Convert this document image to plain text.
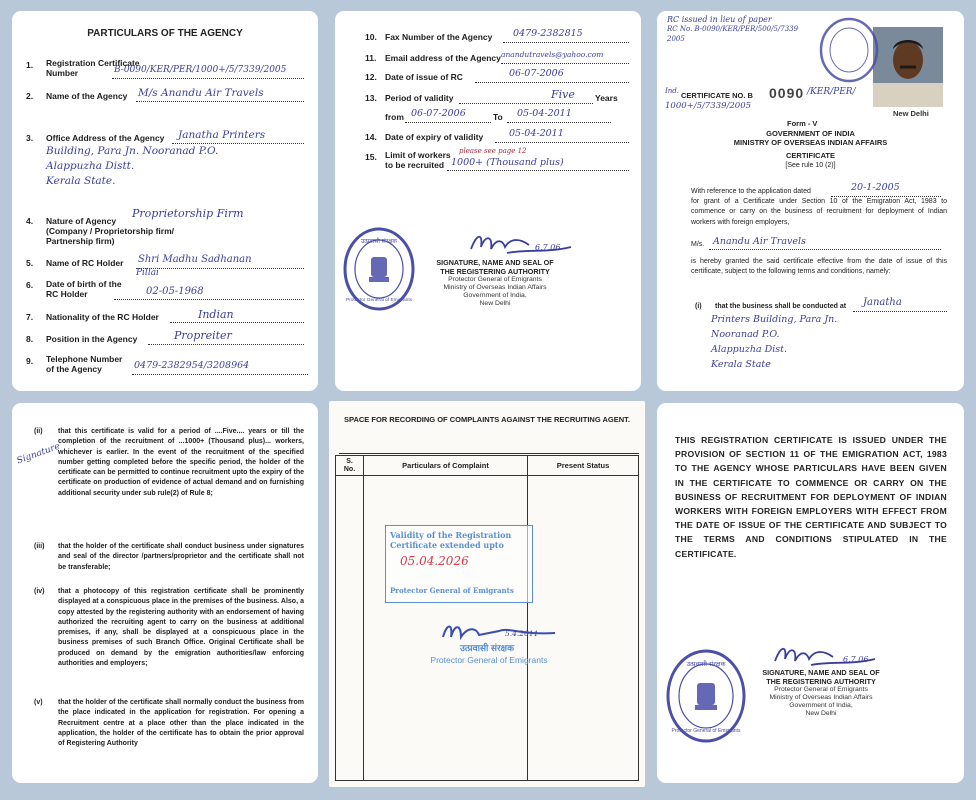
PARTICULARS OF THE AGENCY
1. Registration Certificate
Number	B-0090/KER/PER/1000+/5/7339/2005
2. Name of the Agency M/s Anandu Air Travels
3. Office Address of the Agency Janatha Printers
Building, Para Jn. Nooranad P.O.
Alappuzha Distt.
Kerala State.
4. Nature of Agency
(Company / Proprietorship firm/
Partnership firm)
Proprietorship Firm
5. Name of RC Holder Shri Madhu Sadhanan
Pillai
6. Date of birth of the
RC Holder	02-05-1968
7. Nationality of the RC Holder	Indian
8. Position in the Agency	Propreiter
9. Telephone Number
of the Agency	0479-2382954/3208964
10. Fax Number of the Agency 0479-2382815
11. Email address of the Agency anandutravels@yahoo.com
12. Date of issue of RC	06-07-2006
13. Period of validity	Five Years
from 06-07-2006	To 05-04-2011
14. Date of expiry of validity	05-04-2011
15. Limit of workers
to be recruited
please see page 12
1000+ (Thousand plus)
उत्प्रवासी संरक्षक
Protector General of Emigrants
6.7.06
SIGNATURE, NAME AND SEAL OF
THE REGISTERING AUTHORITY
Protector General of Emigrants
Ministry of Overseas Indian Affairs
Government of India,
New Delhi
RC issued in lieu of paper
RC No. B-0090/KER/PER/500/5/7339
2005
New Delhi
Ind. CERTIFICATE NO. B 0090 /KER/PER/
1000+/5/7339/2005
Form - V
GOVERNMENT OF INDIA
MINISTRY OF OVERSEAS INDIAN AFFAIRS
CERTIFICATE
[See rule 10 (2)]
With reference to the application dated	20-1-2005
for grant of a Certificate under Section 10 of the Emigration Act, 1983 to commence or carry on the business of recruitment for deployment of Indian workers with foreign employers,
M/s. Anandu Air Travels
is hereby granted the said certificate effective from the date of issue of this certificate, subject to the following terms and conditions, namely:
(i) that the business shall be conducted at Janatha
Printers Building, Para Jn.
Nooranad P.O.
Alappuzha Dist.
Kerala State
Signature
(ii) that this certificate is valid for a period of ....Five.... years or till the completion of the recruitment of ...1000+ (Thousand plus)... workers, whichever is earlier. In the event of the recruitment of the specified number getting completed before the specific period, the holder of the certificate can be permitted to continue recruitment upto the expiry of the certificate on production of evidence of actual demand and on furnishing additional security under sub rule(2) of Rule 8;
(iii) that the holder of the certificate shall conduct business under signatures and seal of the director /partners/proprietor and the certificate shall not be transferable;
(iv) that a photocopy of this registration certificate shall be prominently displayed at a conspicuous place in the premises of the business. Also, a copy attested by the registering authority with an endorsement of having authorized the recruiting agent to carry on the business at additional premises, if any, shall be displayed at a conspicuous place in the business premises of such Branch Office. Original Certificate shall be produced on demand by the emigration authorities/law enforcing authorities and employers;
(v) that the holder of the certificate shall normally conduct the business from the place indicated in the application for registration. For opening a Recruitment centre at a place other than the place indicated in the application, the holder of the certificate has to obtain the prior approval of Registering Authority
SPACE FOR RECORDING OF COMPLAINTS AGAINST THE RECRUITING AGENT.
S.
No.	Particulars of Complaint	Present Status

Validity of the Registration
Certificate extended upto
05.04.2026
Protector General of Emigrants
5.4.2011
उत्प्रवासी संरक्षक
Protector General of Emigrants
THIS REGISTRATION CERTIFICATE IS ISSUED UNDER THE PROVISION OF SECTION 11 OF THE EMIGRATION ACT, 1983 TO THE AGENCY WHOSE PARTICULARS HAVE BEEN GIVEN IN THE CERTIFICATE TO COMMENCE OR CARRY ON THE BUSINESS OF RECRUITMENT FOR DEPLOYMENT OF INDIAN WORKERS WITH FOREIGN EMPLOYERS WITH EFFECT FROM THE DATE OF ISSUE OF THE CERTIFICATE AND SUBJECT TO THE TERMS AND CONDITIONS STIPULATED IN THE CERTIFICATE.
उत्प्रवासी संरक्षक
Protector General of Emigrants
6.7.06
SIGNATURE, NAME AND SEAL OF
THE REGISTERING AUTHORITY
Protector General of Emigrants
Ministry of Overseas Indian Affairs
Government of India,
New Delhi
